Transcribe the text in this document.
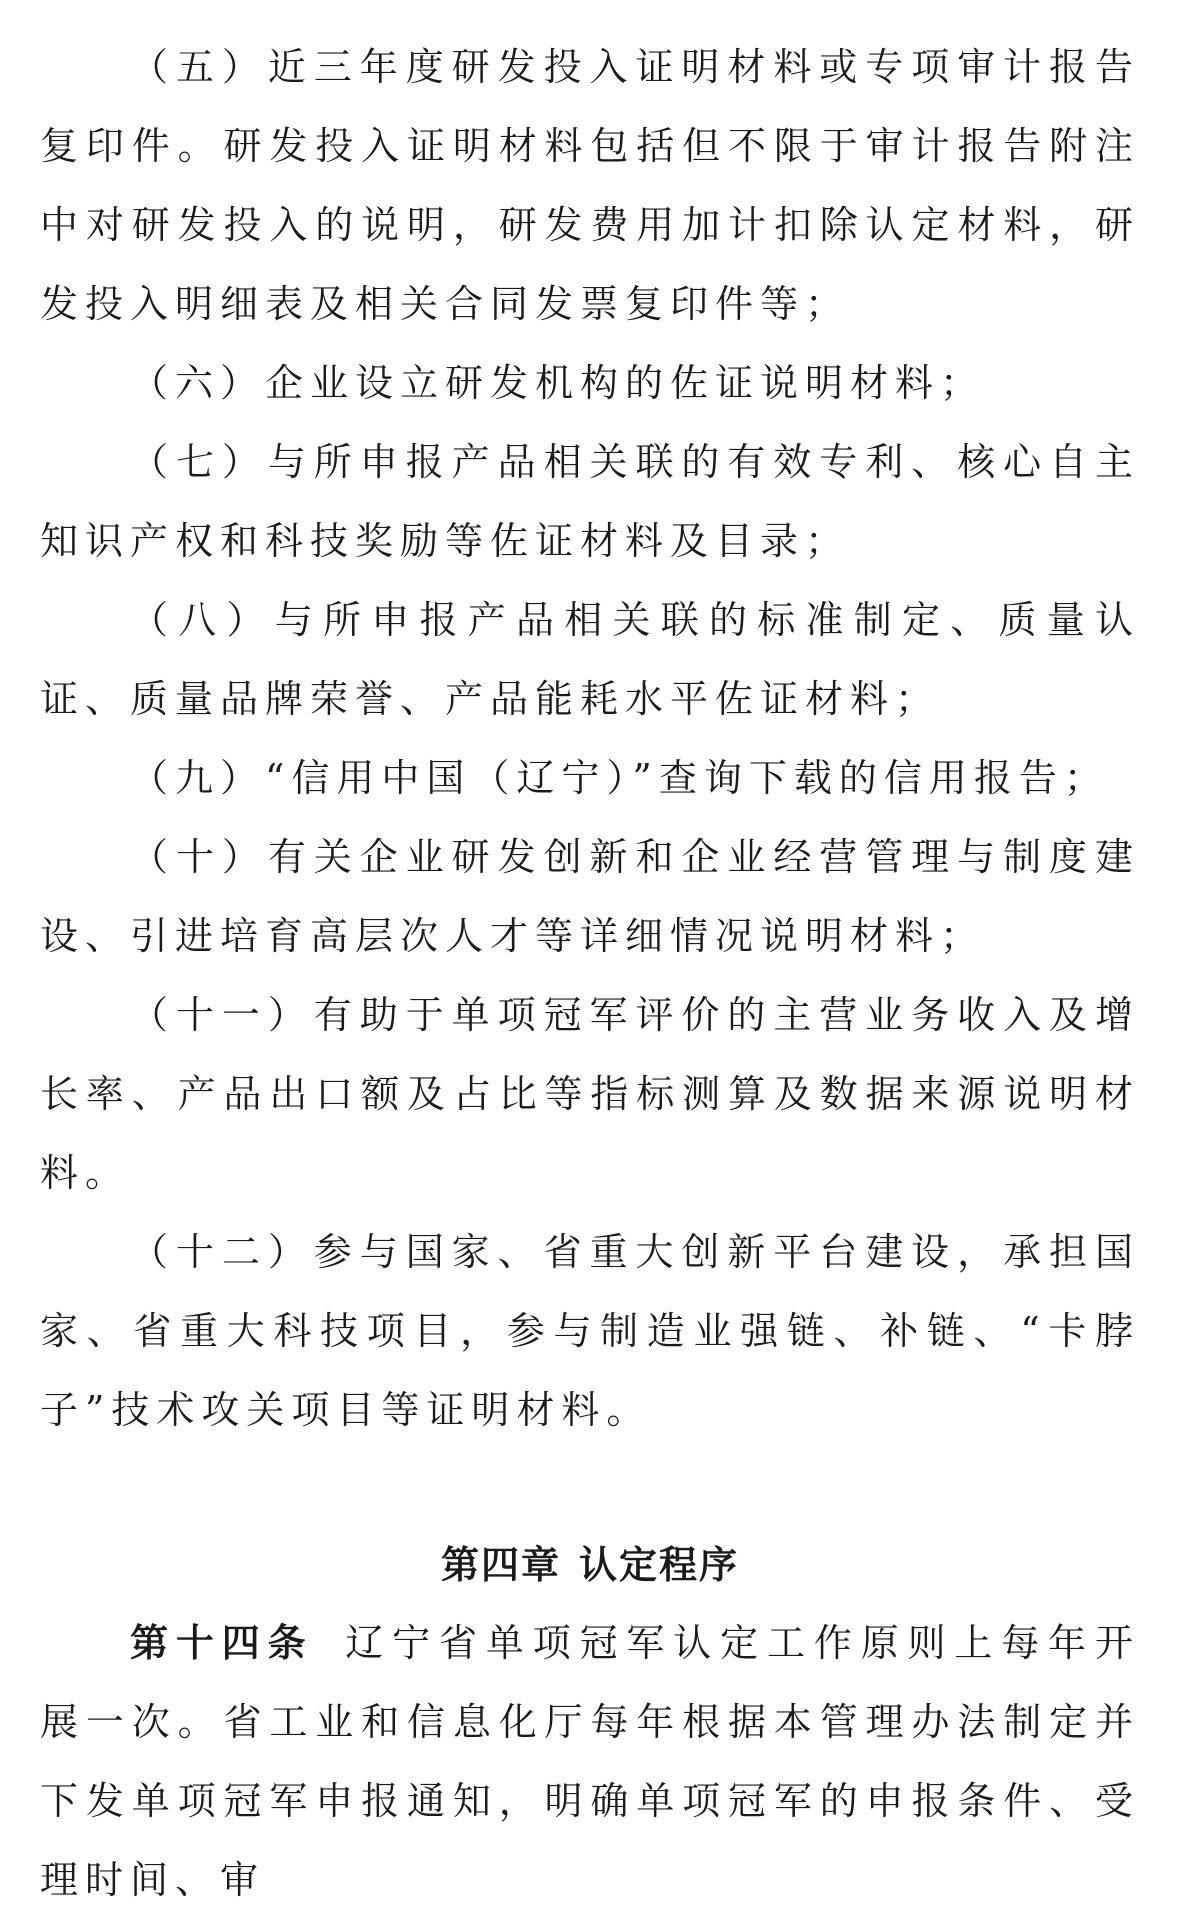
（五）近三年度研发投入证明材料或专项审计报告复印件。研发投入证明材料包括但不限于审计报告附注中对研发投入的说明，研发费用加计扣除认定材料，研发投入明细表及相关合同发票复印件等；

（六）企业设立研发机构的佐证说明材料；

（七）与所申报产品相关联的有效专利、核心自主知识产权和科技奖励等佐证材料及目录；

（八）与所申报产品相关联的标准制定、质量认证、质量品牌荣誉、产品能耗水平佐证材料；

（九）“信用中国（辽宁）”查询下载的信用报告；

（十）有关企业研发创新和企业经营管理与制度建设、引进培育高层次人才等详细情况说明材料；

（十一）有助于单项冠军评价的主营业务收入及增长率、产品出口额及占比等指标测算及数据来源说明材料。

（十二）参与国家、省重大创新平台建设，承担国家、省重大科技项目，参与制造业强链、补链、“卡脖子”技术攻关项目等证明材料。

第四章 认定程序

第十四条 辽宁省单项冠军认定工作原则上每年开展一次。省工业和信息化厅每年根据本管理办法制定并下发单项冠军申报通知，明确单项冠军的申报条件、受理时间、审
